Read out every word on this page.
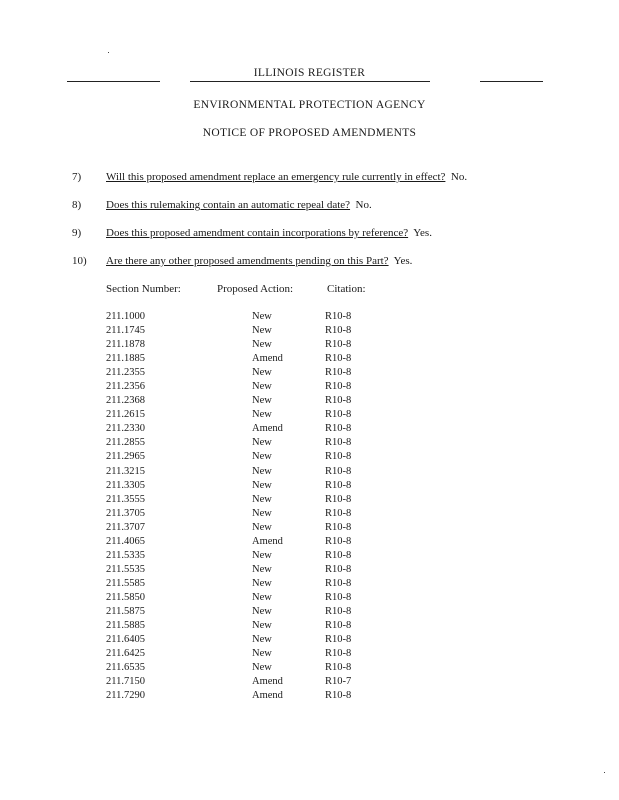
ILLINOIS REGISTER
ENVIRONMENTAL PROTECTION AGENCY
NOTICE OF PROPOSED AMENDMENTS
7) Will this proposed amendment replace an emergency rule currently in effect? No.
8) Does this rulemaking contain an automatic repeal date? No.
9) Does this proposed amendment contain incorporations by reference? Yes.
10) Are there any other proposed amendments pending on this Part? Yes.
Section Number:	Proposed Action:	Citation:
211.1000	New	R10-8
211.1745	New	R10-8
211.1878	New	R10-8
211.1885	Amend	R10-8
211.2355	New	R10-8
211.2356	New	R10-8
211.2368	New	R10-8
211.2615	New	R10-8
211.2330	Amend	R10-8
211.2855	New	R10-8
211.2965	New	R10-8
211.3215	New	R10-8
211.3305	New	R10-8
211.3555	New	R10-8
211.3705	New	R10-8
211.3707	New	R10-8
211.4065	Amend	R10-8
211.5335	New	R10-8
211.5535	New	R10-8
211.5585	New	R10-8
211.5850	New	R10-8
211.5875	New	R10-8
211.5885	New	R10-8
211.6405	New	R10-8
211.6425	New	R10-8
211.6535	New	R10-8
211.7150	Amend	R10-7
211.7290	Amend	R10-8
